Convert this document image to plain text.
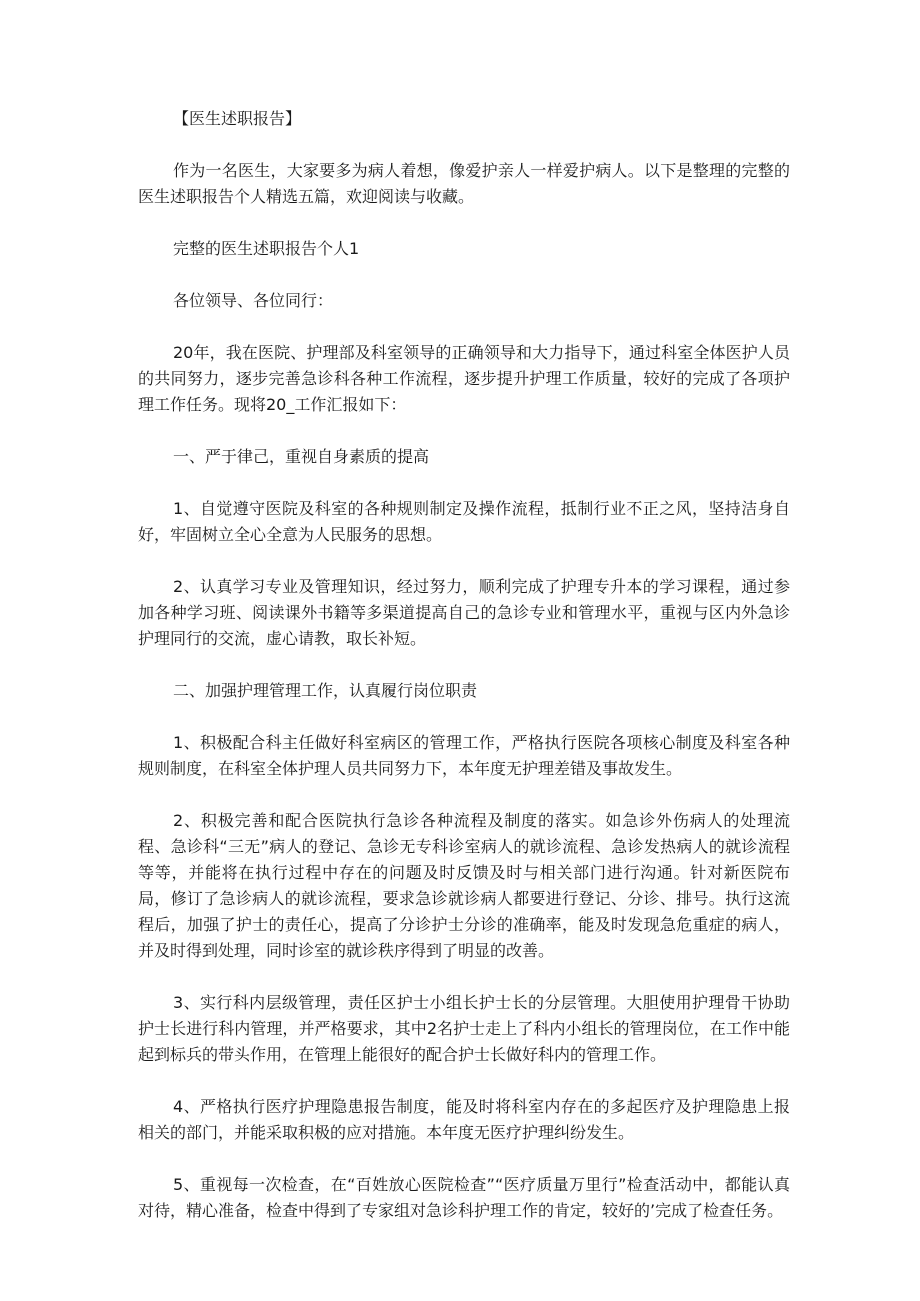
【医生述职报告】

作为一名医生，大家要多为病人着想，像爱护亲人一样爱护病人。以下是整理的完整的医生述职报告个人精选五篇，欢迎阅读与收藏。

完整的医生述职报告个人1

各位领导、各位同行：

20年，我在医院、护理部及科室领导的正确领导和大力指导下，通过科室全体医护人员的共同努力，逐步完善急诊科各种工作流程，逐步提升护理工作质量，较好的完成了各项护理工作任务。现将20_工作汇报如下：

一、严于律己，重视自身素质的提高

1、自觉遵守医院及科室的各种规则制定及操作流程，抵制行业不正之风，坚持洁身自好，牢固树立全心全意为人民服务的思想。

2、认真学习专业及管理知识，经过努力，顺利完成了护理专升本的学习课程，通过参加各种学习班、阅读课外书籍等多渠道提高自己的急诊专业和管理水平，重视与区内外急诊护理同行的交流，虚心请教，取长补短。

二、加强护理管理工作，认真履行岗位职责

1、积极配合科主任做好科室病区的管理工作，严格执行医院各项核心制度及科室各种规则制度，在科室全体护理人员共同努力下，本年度无护理差错及事故发生。

2、积极完善和配合医院执行急诊各种流程及制度的落实。如急诊外伤病人的处理流程、急诊科“三无”病人的登记、急诊无专科诊室病人的就诊流程、急诊发热病人的就诊流程等等，并能将在执行过程中存在的问题及时反馈及时与相关部门进行沟通。针对新医院布局，修订了急诊病人的就诊流程，要求急诊就诊病人都要进行登记、分诊、排号。执行这流程后，加强了护士的责任心，提高了分诊护士分诊的准确率，能及时发现急危重症的病人，并及时得到处理，同时诊室的就诊秩序得到了明显的改善。

3、实行科内层级管理，责任区护士小组长护士长的分层管理。大胆使用护理骨干协助护士长进行科内管理，并严格要求，其中2名护士走上了科内小组长的管理岗位，在工作中能起到标兵的带头作用，在管理上能很好的配合护士长做好科内的管理工作。

4、严格执行医疗护理隐患报告制度，能及时将科室内存在的多起医疗及护理隐患上报相关的部门，并能采取积极的应对措施。本年度无医疗护理纠纷发生。

5、重视每一次检查，在“百姓放心医院检查”“医疗质量万里行”检查活动中，都能认真对待，精心准备，检查中得到了专家组对急诊科护理工作的肯定，较好的’完成了检查任务。
